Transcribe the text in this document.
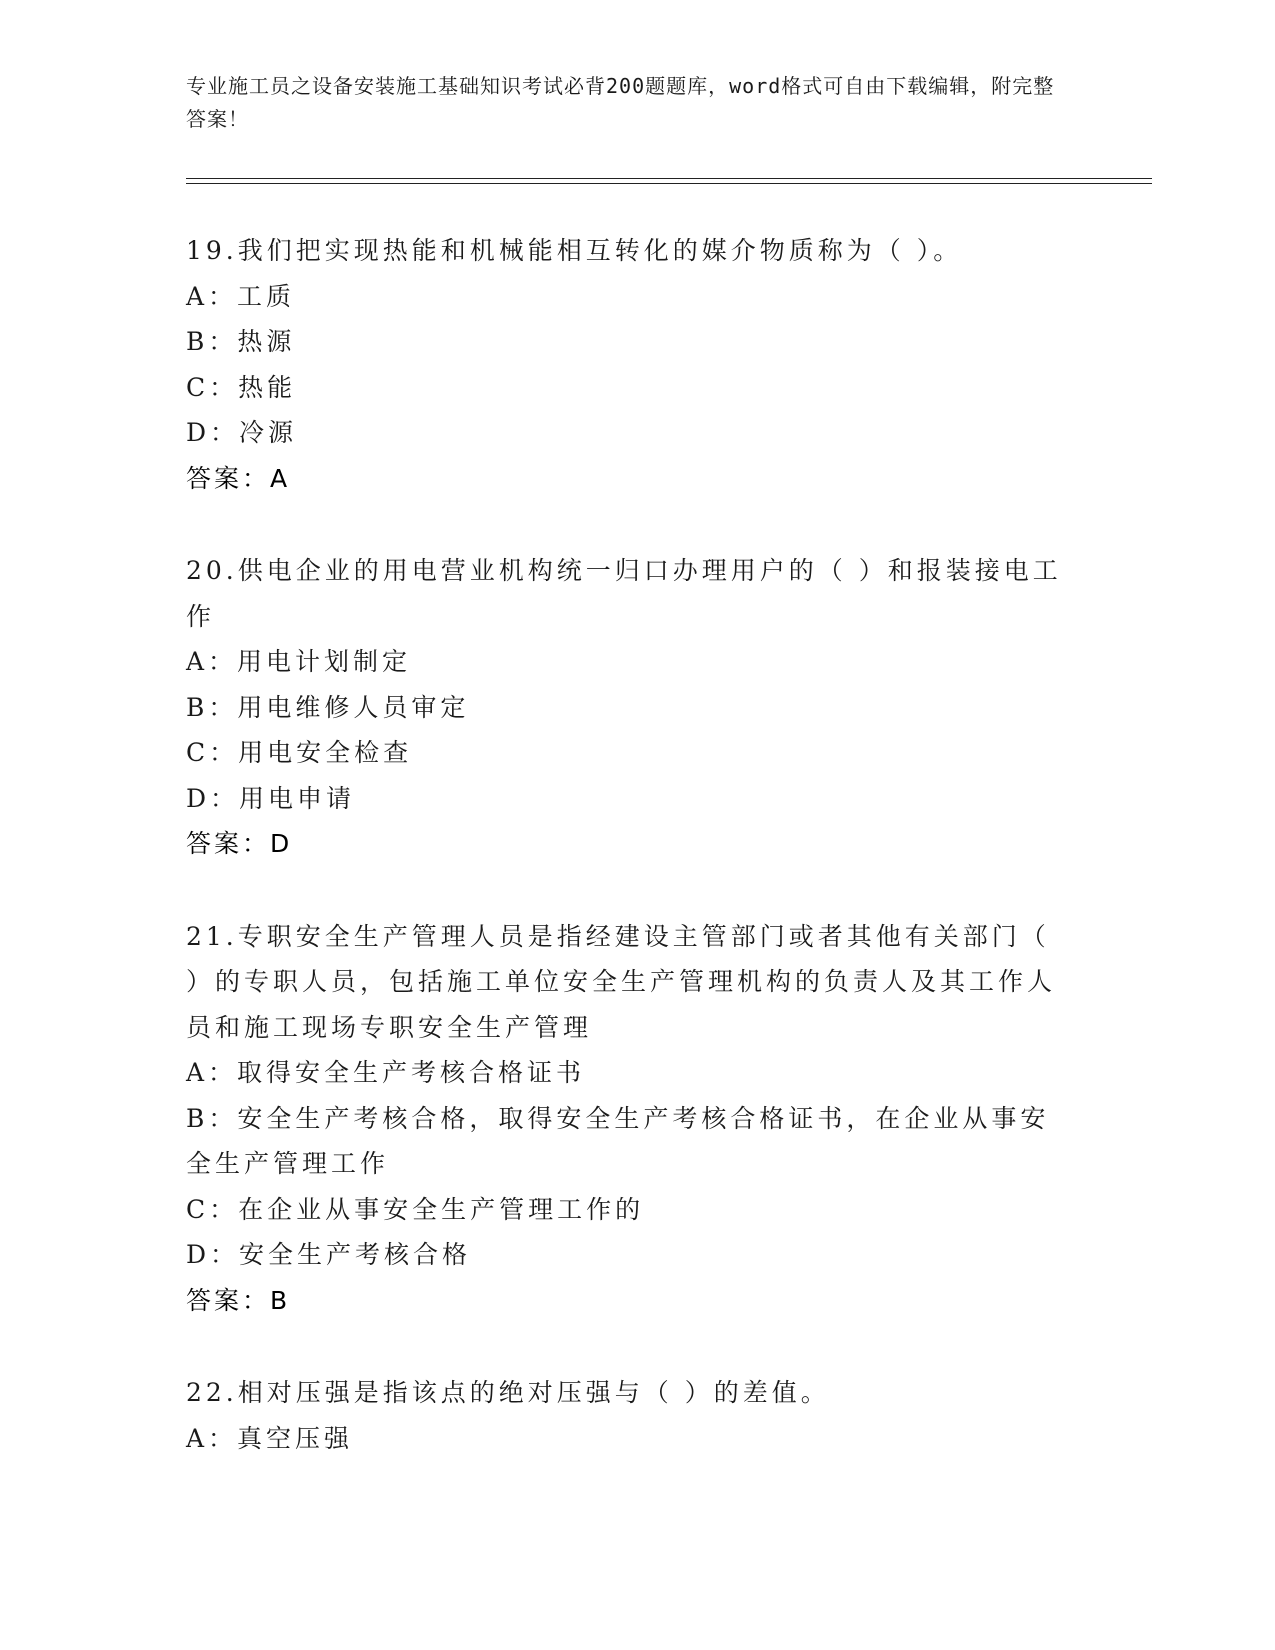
专业施工员之设备安装施工基础知识考试必背200题题库，word格式可自由下载编辑，附完整答案！

19.我们把实现热能和机械能相互转化的媒介物质称为（ ）。

A：工质

B：热源

C：热能

D：冷源

答案：A

20.供电企业的用电营业机构统一归口办理用户的（ ）和报装接电工作

A：用电计划制定

B：用电维修人员审定

C：用电安全检查

D：用电申请

答案：D

21.专职安全生产管理人员是指经建设主管部门或者其他有关部门（ ）的专职人员，包括施工单位安全生产管理机构的负责人及其工作人员和施工现场专职安全生产管理

A：取得安全生产考核合格证书

B：安全生产考核合格，取得安全生产考核合格证书，在企业从事安全生产管理工作

C：在企业从事安全生产管理工作的

D：安全生产考核合格

答案：B

22.相对压强是指该点的绝对压强与（ ）的差值。

A：真空压强
